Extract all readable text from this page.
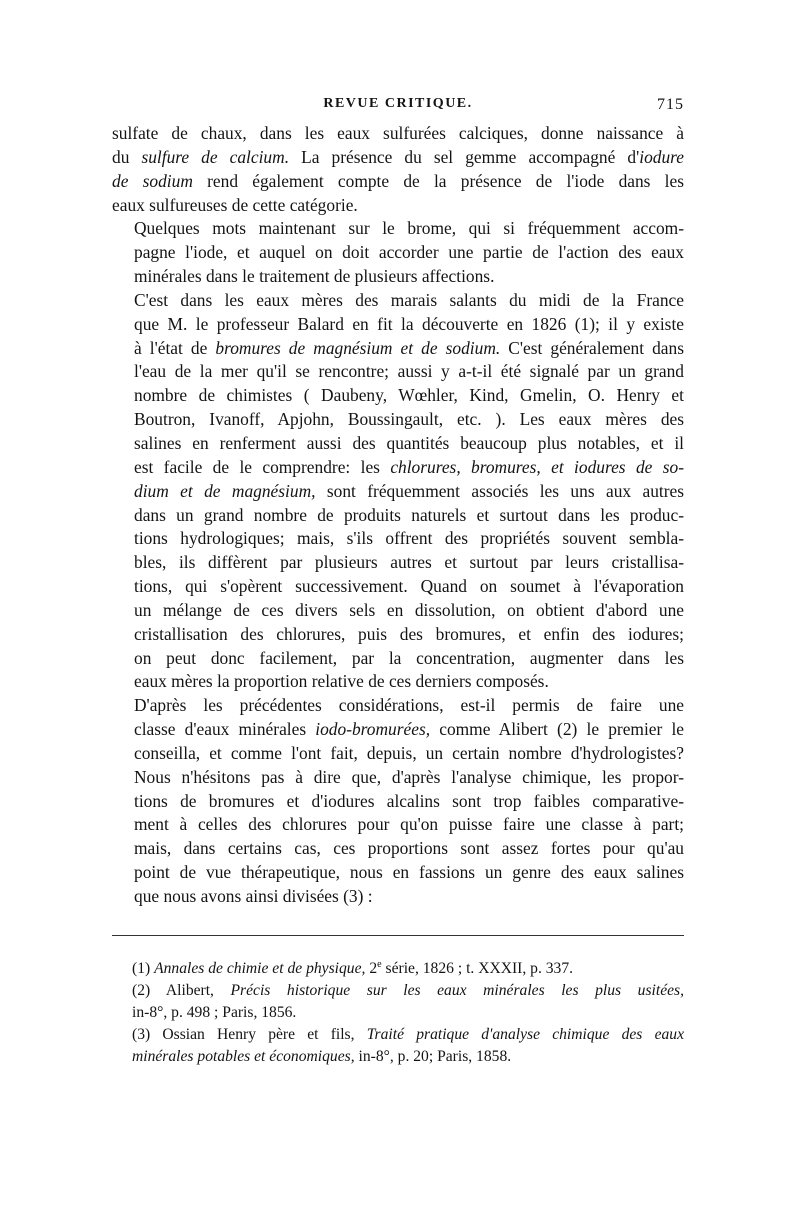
REVUE CRITIQUE.	715

sulfate de chaux, dans les eaux sulfurées calciques, donne naissance à
du sulfure de calcium. La présence du sel gemme accompagné d'iodure
de sodium rend également compte de la présence de l'iode dans les
eaux sulfureuses de cette catégorie.

Quelques mots maintenant sur le brome, qui si fréquemment accom-
pagne l'iode, et auquel on doit accorder une partie de l'action des eaux
minérales dans le traitement de plusieurs affections.

C'est dans les eaux mères des marais salants du midi de la France
que M. le professeur Balard en fit la découverte en 1826 (1); il y existe
à l'état de bromures de magnésium et de sodium. C'est généralement dans
l'eau de la mer qu'il se rencontre; aussi y a-t-il été signalé par un grand
nombre de chimistes ( Daubeny, Wœhler, Kind, Gmelin, O. Henry et
Boutron, Ivanoff, Apjohn, Boussingault, etc. ). Les eaux mères des
salines en renferment aussi des quantités beaucoup plus notables, et il
est facile de le comprendre: les chlorures, bromures, et iodures de so-
dium et de magnésium, sont fréquemment associés les uns aux autres
dans un grand nombre de produits naturels et surtout dans les produc-
tions hydrologiques; mais, s'ils offrent des propriétés souvent sembla-
bles, ils diffèrent par plusieurs autres et surtout par leurs cristallisa-
tions, qui s'opèrent successivement. Quand on soumet à l'évaporation
un mélange de ces divers sels en dissolution, on obtient d'abord une
cristallisation des chlorures, puis des bromures, et enfin des iodures;
on peut donc facilement, par la concentration, augmenter dans les
eaux mères la proportion relative de ces derniers composés.

D'après les précédentes considérations, est-il permis de faire une
classe d'eaux minérales iodo-bromurées, comme Alibert (2) le premier le
conseilla, et comme l'ont fait, depuis, un certain nombre d'hydrologistes?
Nous n'hésitons pas à dire que, d'après l'analyse chimique, les propor-
tions de bromures et d'iodures alcalins sont trop faibles comparative-
ment à celles des chlorures pour qu'on puisse faire une classe à part;
mais, dans certains cas, ces proportions sont assez fortes pour qu'au
point de vue thérapeutique, nous en fassions un genre des eaux salines
que nous avons ainsi divisées (3) :

(1) Annales de chimie et de physique, 2e série, 1826 ; t. XXXII, p. 337.

(2) Alibert, Précis historique sur les eaux minérales les plus usitées,
in-8°, p. 498 ; Paris, 1856.

(3) Ossian Henry père et fils, Traité pratique d'analyse chimique des eaux
minérales potables et économiques, in-8°, p. 20; Paris, 1858.
